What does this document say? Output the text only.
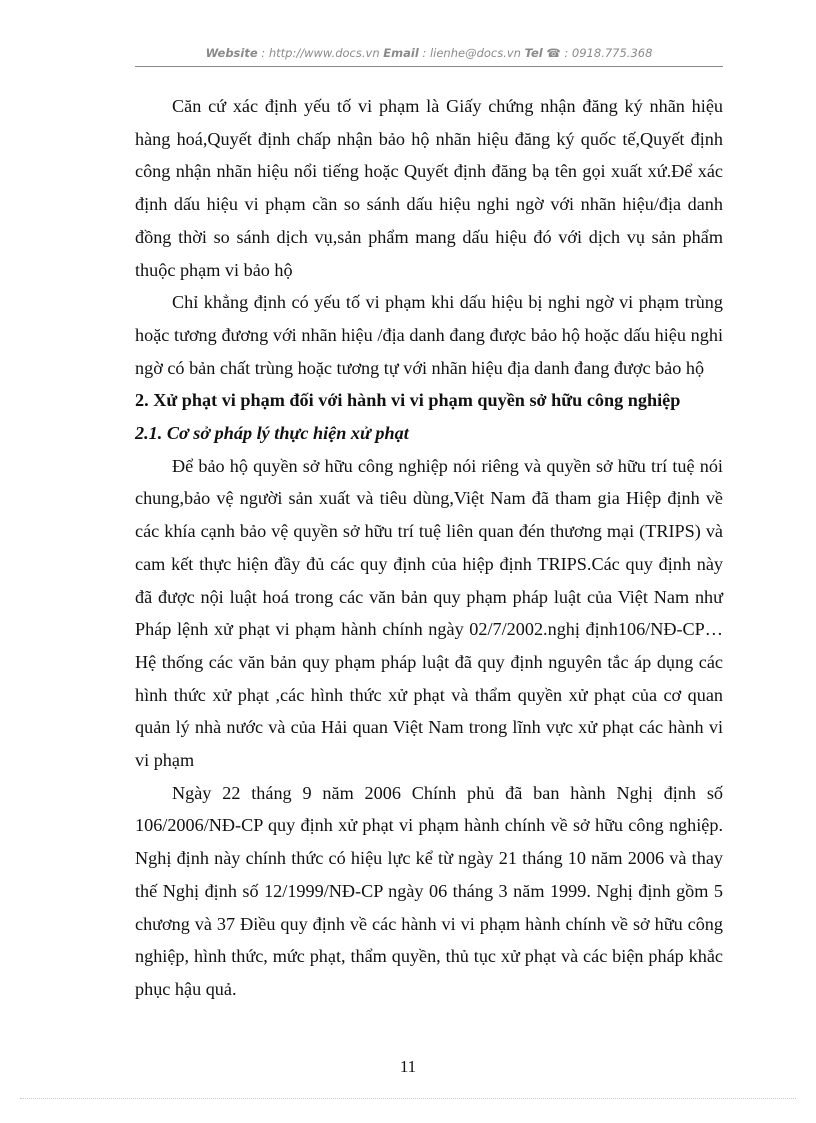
Website : http://www.docs.vn Email : lienhe@docs.vn Tel ☎ : 0918.775.368

Căn cứ xác định yếu tố vi phạm là Giấy chứng nhận đăng ký nhãn hiệu hàng hoá,Quyết định chấp nhận bảo hộ nhãn hiệu đăng ký quốc tế,Quyết định công nhận nhãn hiệu nổi tiếng hoặc Quyết định đăng bạ tên gọi xuất xứ.Để xác định dấu hiệu vi phạm cần so sánh dấu hiệu nghi ngờ với nhãn hiệu/địa danh đồng thời so sánh dịch vụ,sản phẩm mang dấu hiệu đó với dịch vụ sản phẩm thuộc phạm vi bảo hộ

Chỉ khẳng định có yếu tố vi phạm khi dấu hiệu bị nghi ngờ vi phạm trùng hoặc tương đương với nhãn hiệu /địa danh đang được bảo hộ hoặc dấu hiệu nghi ngờ có bản chất trùng hoặc tương tự với nhãn hiệu địa danh đang được bảo hộ

2. Xử phạt vi phạm đối với hành vi vi phạm quyền sở hữu công nghiệp

2.1. Cơ sở pháp lý thực hiện xử phạt

Để bảo hộ quyền sở hữu công nghiệp nói riêng và quyền sở hữu trí tuệ nói chung,bảo vệ người sản xuất và tiêu dùng,Việt Nam đã tham gia Hiệp định về các khía cạnh bảo vệ quyền sở hữu trí tuệ liên quan đén thương mại (TRIPS) và cam kết thực hiện đầy đủ các quy định của hiệp định TRIPS.Các quy định này đã được nội luật hoá trong các văn bản quy phạm pháp luật của Việt Nam như Pháp lệnh xử phạt vi phạm hành chính ngày 02/7/2002.nghị định106/NĐ-CP…Hệ thống các văn bản quy phạm pháp luật đã quy định nguyên tắc áp dụng các hình thức xử phạt ,các hình thức xử phạt và thẩm quyền xử phạt của cơ quan quản lý nhà nước và của Hải quan Việt Nam trong lĩnh vực xử phạt các hành vi vi phạm

Ngày 22 tháng 9 năm 2006 Chính phủ đã ban hành Nghị định số 106/2006/NĐ-CP quy định xử phạt vi phạm hành chính về sở hữu công nghiệp. Nghị định này chính thức có hiệu lực kể từ ngày 21 tháng 10 năm 2006 và thay thế Nghị định số 12/1999/NĐ-CP ngày 06 tháng 3 năm 1999. Nghị định gồm 5 chương và 37 Điều quy định về các hành vi vi phạm hành chính về sở hữu công nghiệp, hình thức, mức phạt, thẩm quyền, thủ tục xử phạt và các biện pháp khắc phục hậu quả.

11
